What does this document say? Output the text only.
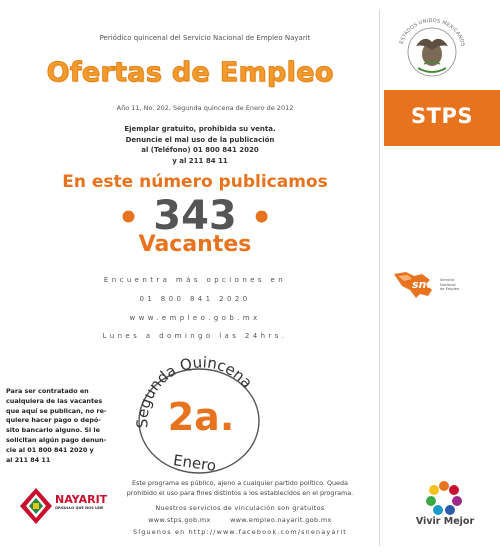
Periódico quincenal del Servicio Nacional de Empleo Nayarit
Ofertas de Empleo
Año 11, No. 202, Segunda quincena de Enero de 2012
Ejemplar gratuito, prohibida su venta.
Denuncie el mal uso de la publicación
al (Teléfono) 01 800 841 2020
y al 211 84 11
En este número publicamos
• 343 •
Vacantes
Encuentra más opciones en
01 800 841 2020
www.empleo.gob.mx
Lunes a domingo las 24hrs.
Para ser contratado en
cualquiera de las vacantes
que aquí se publican, no re-
quiere hacer pago o depó-
sito bancario alguno. Si le
solicitan algún pago denun-
cie al 01 800 841 2020 y
al 211 84 11
Segunda Quincena
2a.
Enero
Este programa es público, ajeno a cualquier partido político. Queda
prohibido el uso para fines distintos a los establecidos en el programa.
Nuestros servicios de vinculación son gratuitos
www.stps.gob.mx        www.empleo.nayarit.gob.mx
Síguenos en http://www.facebook.com/snenayarit
ESTADOS UNIDOS MEXICANOS
STPS
sne Servicio
Nacional
de Empleo
NAYARIT
ORGULLO QUE NOS UNE
Vivir Mejor
